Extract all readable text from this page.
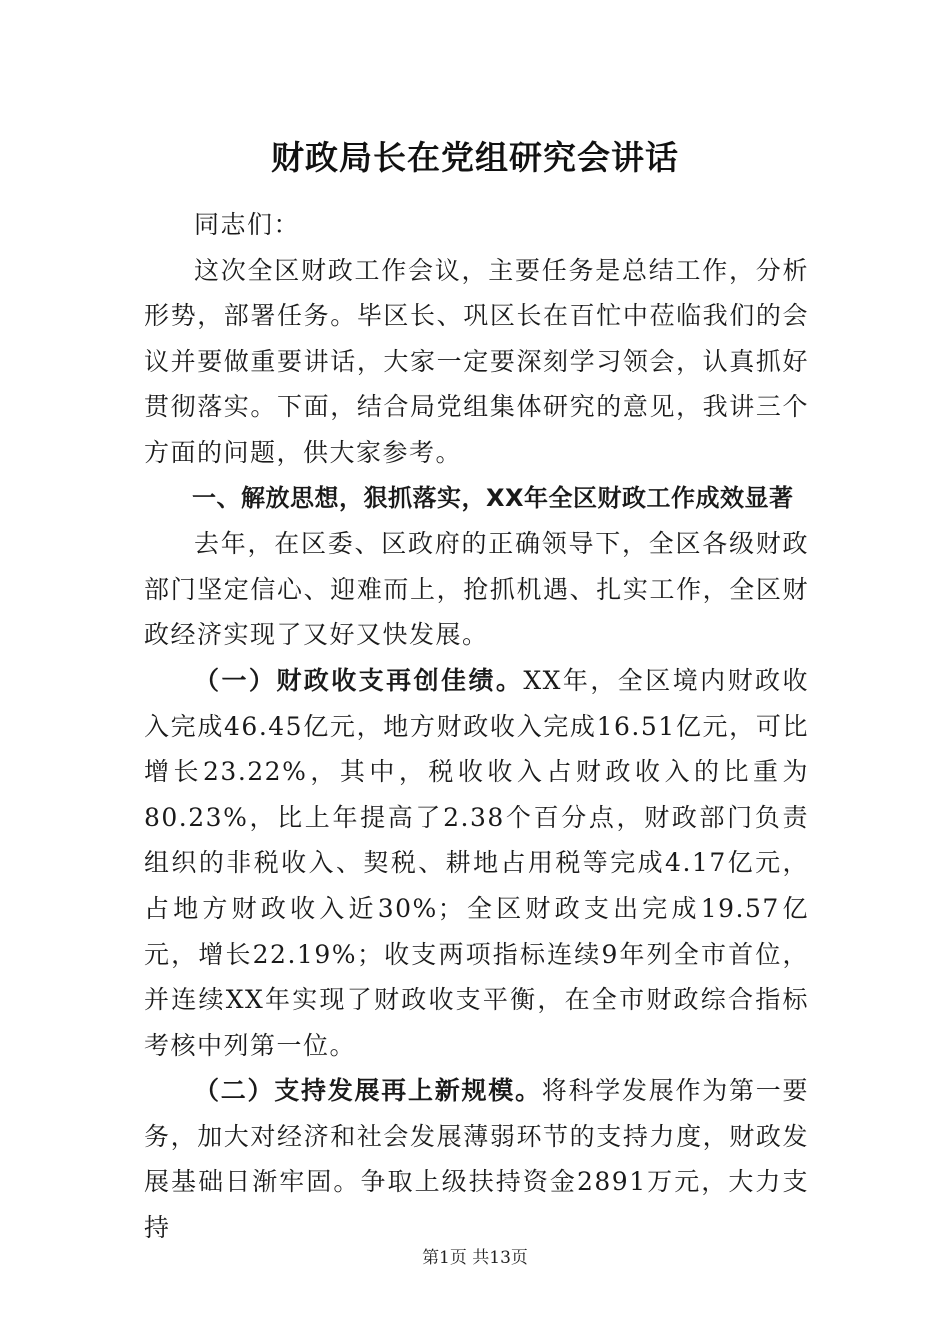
财政局长在党组研究会讲话

同志们：

这次全区财政工作会议，主要任务是总结工作，分析形势，部署任务。毕区长、巩区长在百忙中莅临我们的会议并要做重要讲话，大家一定要深刻学习领会，认真抓好贯彻落实。下面，结合局党组集体研究的意见，我讲三个方面的问题，供大家参考。

一、解放思想，狠抓落实，XX年全区财政工作成效显著

去年，在区委、区政府的正确领导下，全区各级财政部门坚定信心、迎难而上，抢抓机遇、扎实工作，全区财政经济实现了又好又快发展。

（一）财政收支再创佳绩。XX年，全区境内财政收入完成46.45亿元，地方财政收入完成16.51亿元，可比增长23.22%，其中，税收收入占财政收入的比重为80.23%，比上年提高了2.38个百分点，财政部门负责组织的非税收入、契税、耕地占用税等完成4.17亿元，占地方财政收入近30%；全区财政支出完成19.57亿元，增长22.19%；收支两项指标连续9年列全市首位，并连续XX年实现了财政收支平衡，在全市财政综合指标考核中列第一位。

（二）支持发展再上新规模。将科学发展作为第一要务，加大对经济和社会发展薄弱环节的支持力度，财政发展基础日渐牢固。争取上级扶持资金2891万元，大力支持

第1页 共13页
